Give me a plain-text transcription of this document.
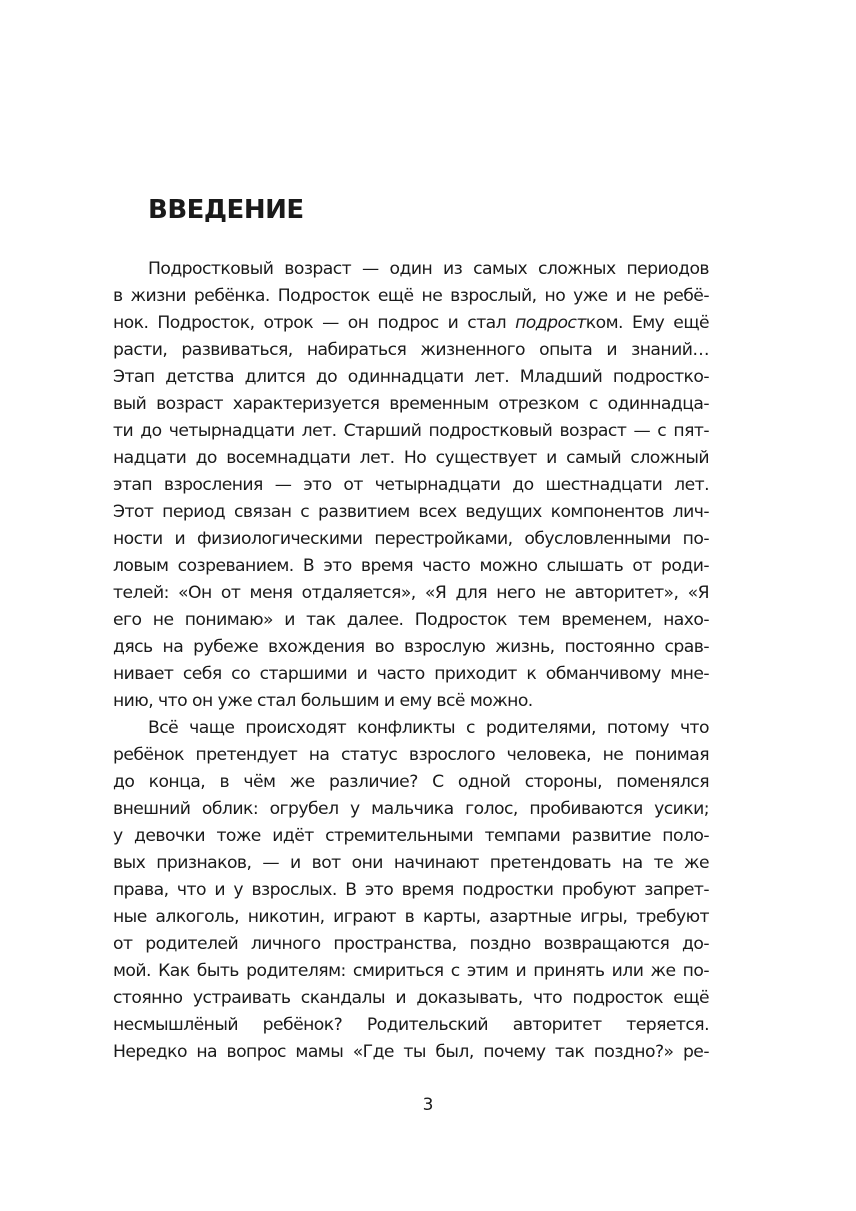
ВВЕДЕНИЕ
Подростковый возраст — один из самых сложных периодов
в жизни ребёнка. Подросток ещё не взрослый, но уже и не ребё-
нок. Подросток, отрок — он подрос и стал подростком. Ему ещё
расти, развиваться, набираться жизненного опыта и знаний…
Этап детства длится до одиннадцати лет. Младший подростко-
вый возраст характеризуется временным отрезком с одиннадца-
ти до четырнадцати лет. Старший подростковый возраст — с пят-
надцати до восемнадцати лет. Но существует и самый сложный
этап взросления — это от четырнадцати до шестнадцати лет.
Этот период связан с развитием всех ведущих компонентов лич-
ности и физиологическими перестройками, обусловленными по-
ловым созреванием. В это время часто можно слышать от роди-
телей: «Он от меня отдаляется», «Я для него не авторитет», «Я
его не понимаю» и так далее. Подросток тем временем, нахо-
дясь на рубеже вхождения во взрослую жизнь, постоянно срав-
нивает себя со старшими и часто приходит к обманчивому мне-
нию, что он уже стал большим и ему всё можно.
Всё чаще происходят конфликты с родителями, потому что
ребёнок претендует на статус взрослого человека, не понимая
до конца, в чём же различие? С одной стороны, поменялся
внешний облик: огрубел у мальчика голос, пробиваются усики;
у девочки тоже идёт стремительными темпами развитие поло-
вых признаков, — и вот они начинают претендовать на те же
права, что и у взрослых. В это время подростки пробуют запрет-
ные алкоголь, никотин, играют в карты, азартные игры, требуют
от родителей личного пространства, поздно возвращаются до-
мой. Как быть родителям: смириться с этим и принять или же по-
стоянно устраивать скандалы и доказывать, что подросток ещё
несмышлёный ребёнок? Родительский авторитет теряется.
Нередко на вопрос мамы «Где ты был, почему так поздно?» ре-
3
